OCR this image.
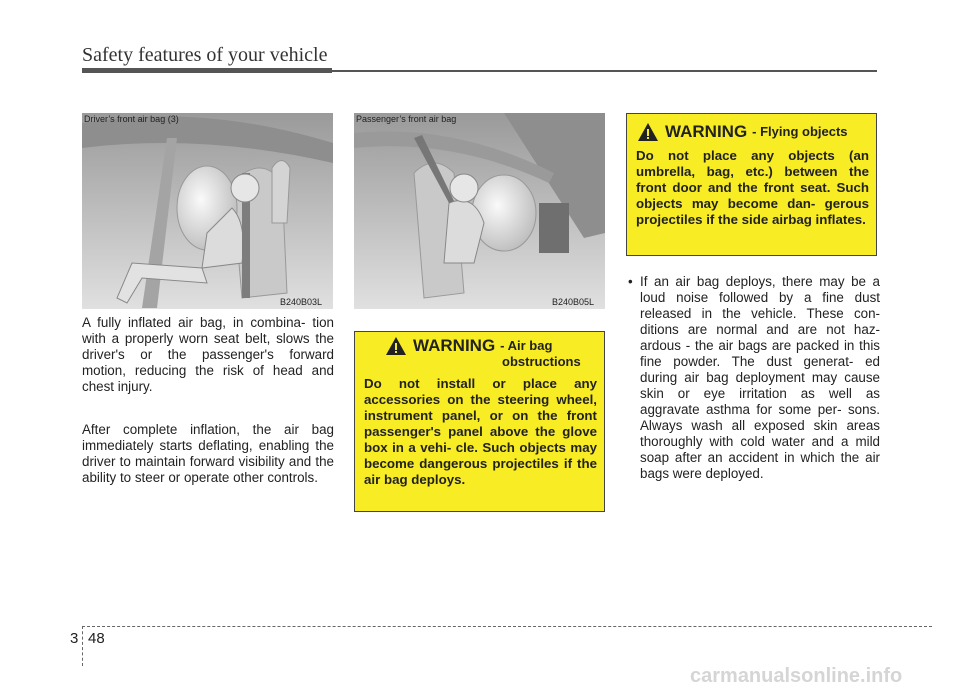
Safety features of your vehicle
Driver’s front air bag (3)
B240B03L
Passenger’s front air bag
B240B05L
A fully inflated air bag, in combina- tion with a properly worn seat belt, slows the driver's or the passenger's forward motion, reducing the risk of head and chest injury.
After complete inflation, the air bag immediately starts deflating, enabling the driver to maintain forward visibility and the ability to steer or operate other controls.
WARNING - Air bag
obstructions
Do not install or place any accessories on the steering wheel, instrument panel, or on the front passenger's panel above the glove box in a vehi- cle. Such objects may become dangerous projectiles if the air bag deploys.
WARNING - Flying objects
Do not place any objects (an umbrella, bag, etc.) between the front door and the front seat. Such objects may become dan- gerous projectiles if the side airbag inflates.
• If an air bag deploys, there may be a loud noise followed by a fine dust released in the vehicle. These con- ditions are normal and are not haz- ardous - the air bags are packed in this fine powder. The dust generat- ed during air bag deployment may cause skin or eye irritation as well as aggravate asthma for some per- sons. Always wash all exposed skin areas thoroughly with cold water and a mild soap after an accident in which the air bags were deployed.
3 48
carmanualsonline.info
